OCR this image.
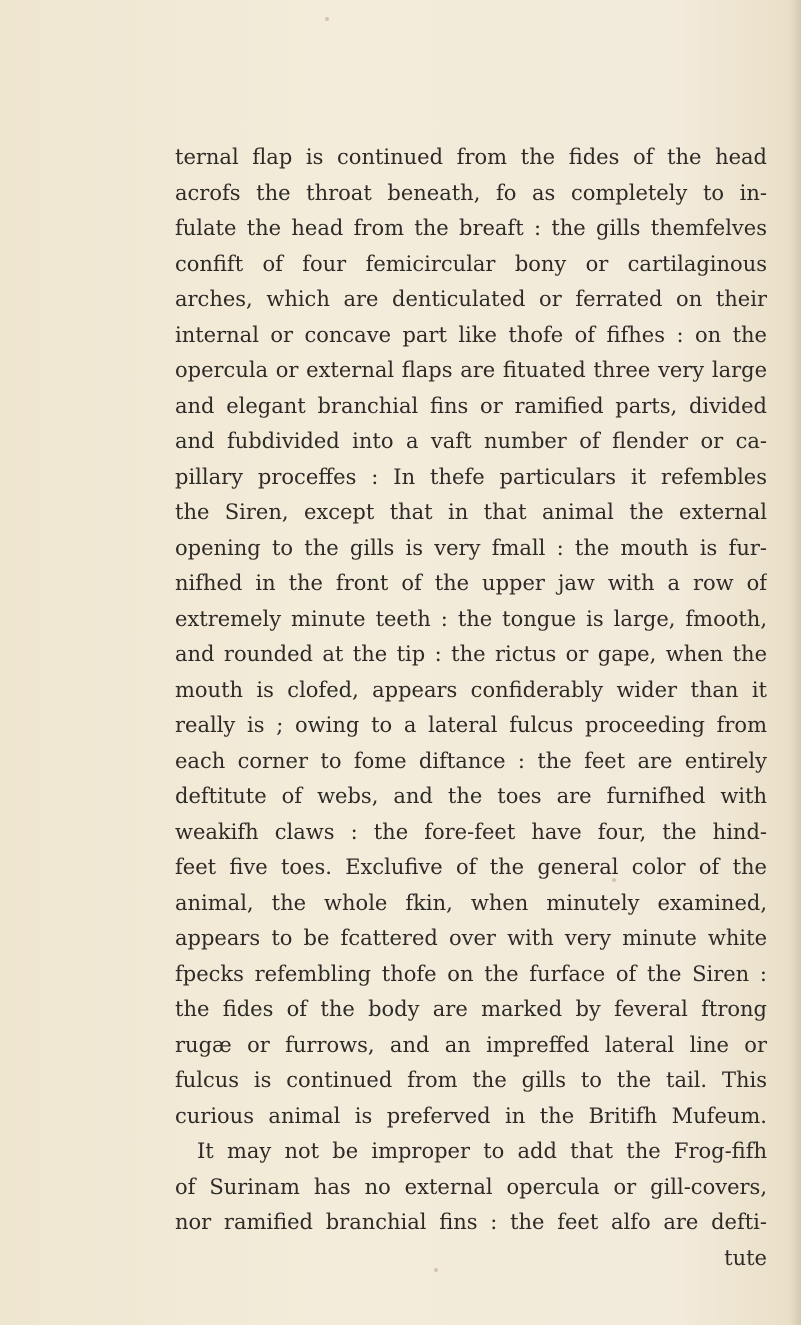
ternal flap is continued from the fides of the head
acrofs the throat beneath, fo as completely to in-
fulate the head from the breaft : the gills themfelves
confift of four femicircular bony or cartilaginous
arches, which are denticulated or ferrated on their
internal or concave part like thofe of fifhes : on the
opercula or external flaps are fituated three very large
and elegant branchial fins or ramified parts, divided
and fubdivided into a vaft number of flender or ca-
pillary proceffes : In thefe particulars it refembles
the Siren, except that in that animal the external
opening to the gills is very fmall : the mouth is fur-
nifhed in the front of the upper jaw with a row of
extremely minute teeth : the tongue is large, fmooth,
and rounded at the tip : the rictus or gape, when the
mouth is clofed, appears confiderably wider than it
really is ; owing to a lateral fulcus proceeding from
each corner to fome diftance : the feet are entirely
deftitute of webs, and the toes are furnifhed with
weakifh claws : the fore-feet have four, the hind-
feet five toes. Exclufive of the general color of the
animal, the whole fkin, when minutely examined,
appears to be fcattered over with very minute white
fpecks refembling thofe on the furface of the Siren :
the fides of the body are marked by feveral ftrong
rugæ or furrows, and an impreffed lateral line or
fulcus is continued from the gills to the tail. This
curious animal is preferved in the Britifh Mufeum.
It may not be improper to add that the Frog-fifh
of Surinam has no external opercula or gill-covers,
nor ramified branchial fins : the feet alfo are defti-
tute
